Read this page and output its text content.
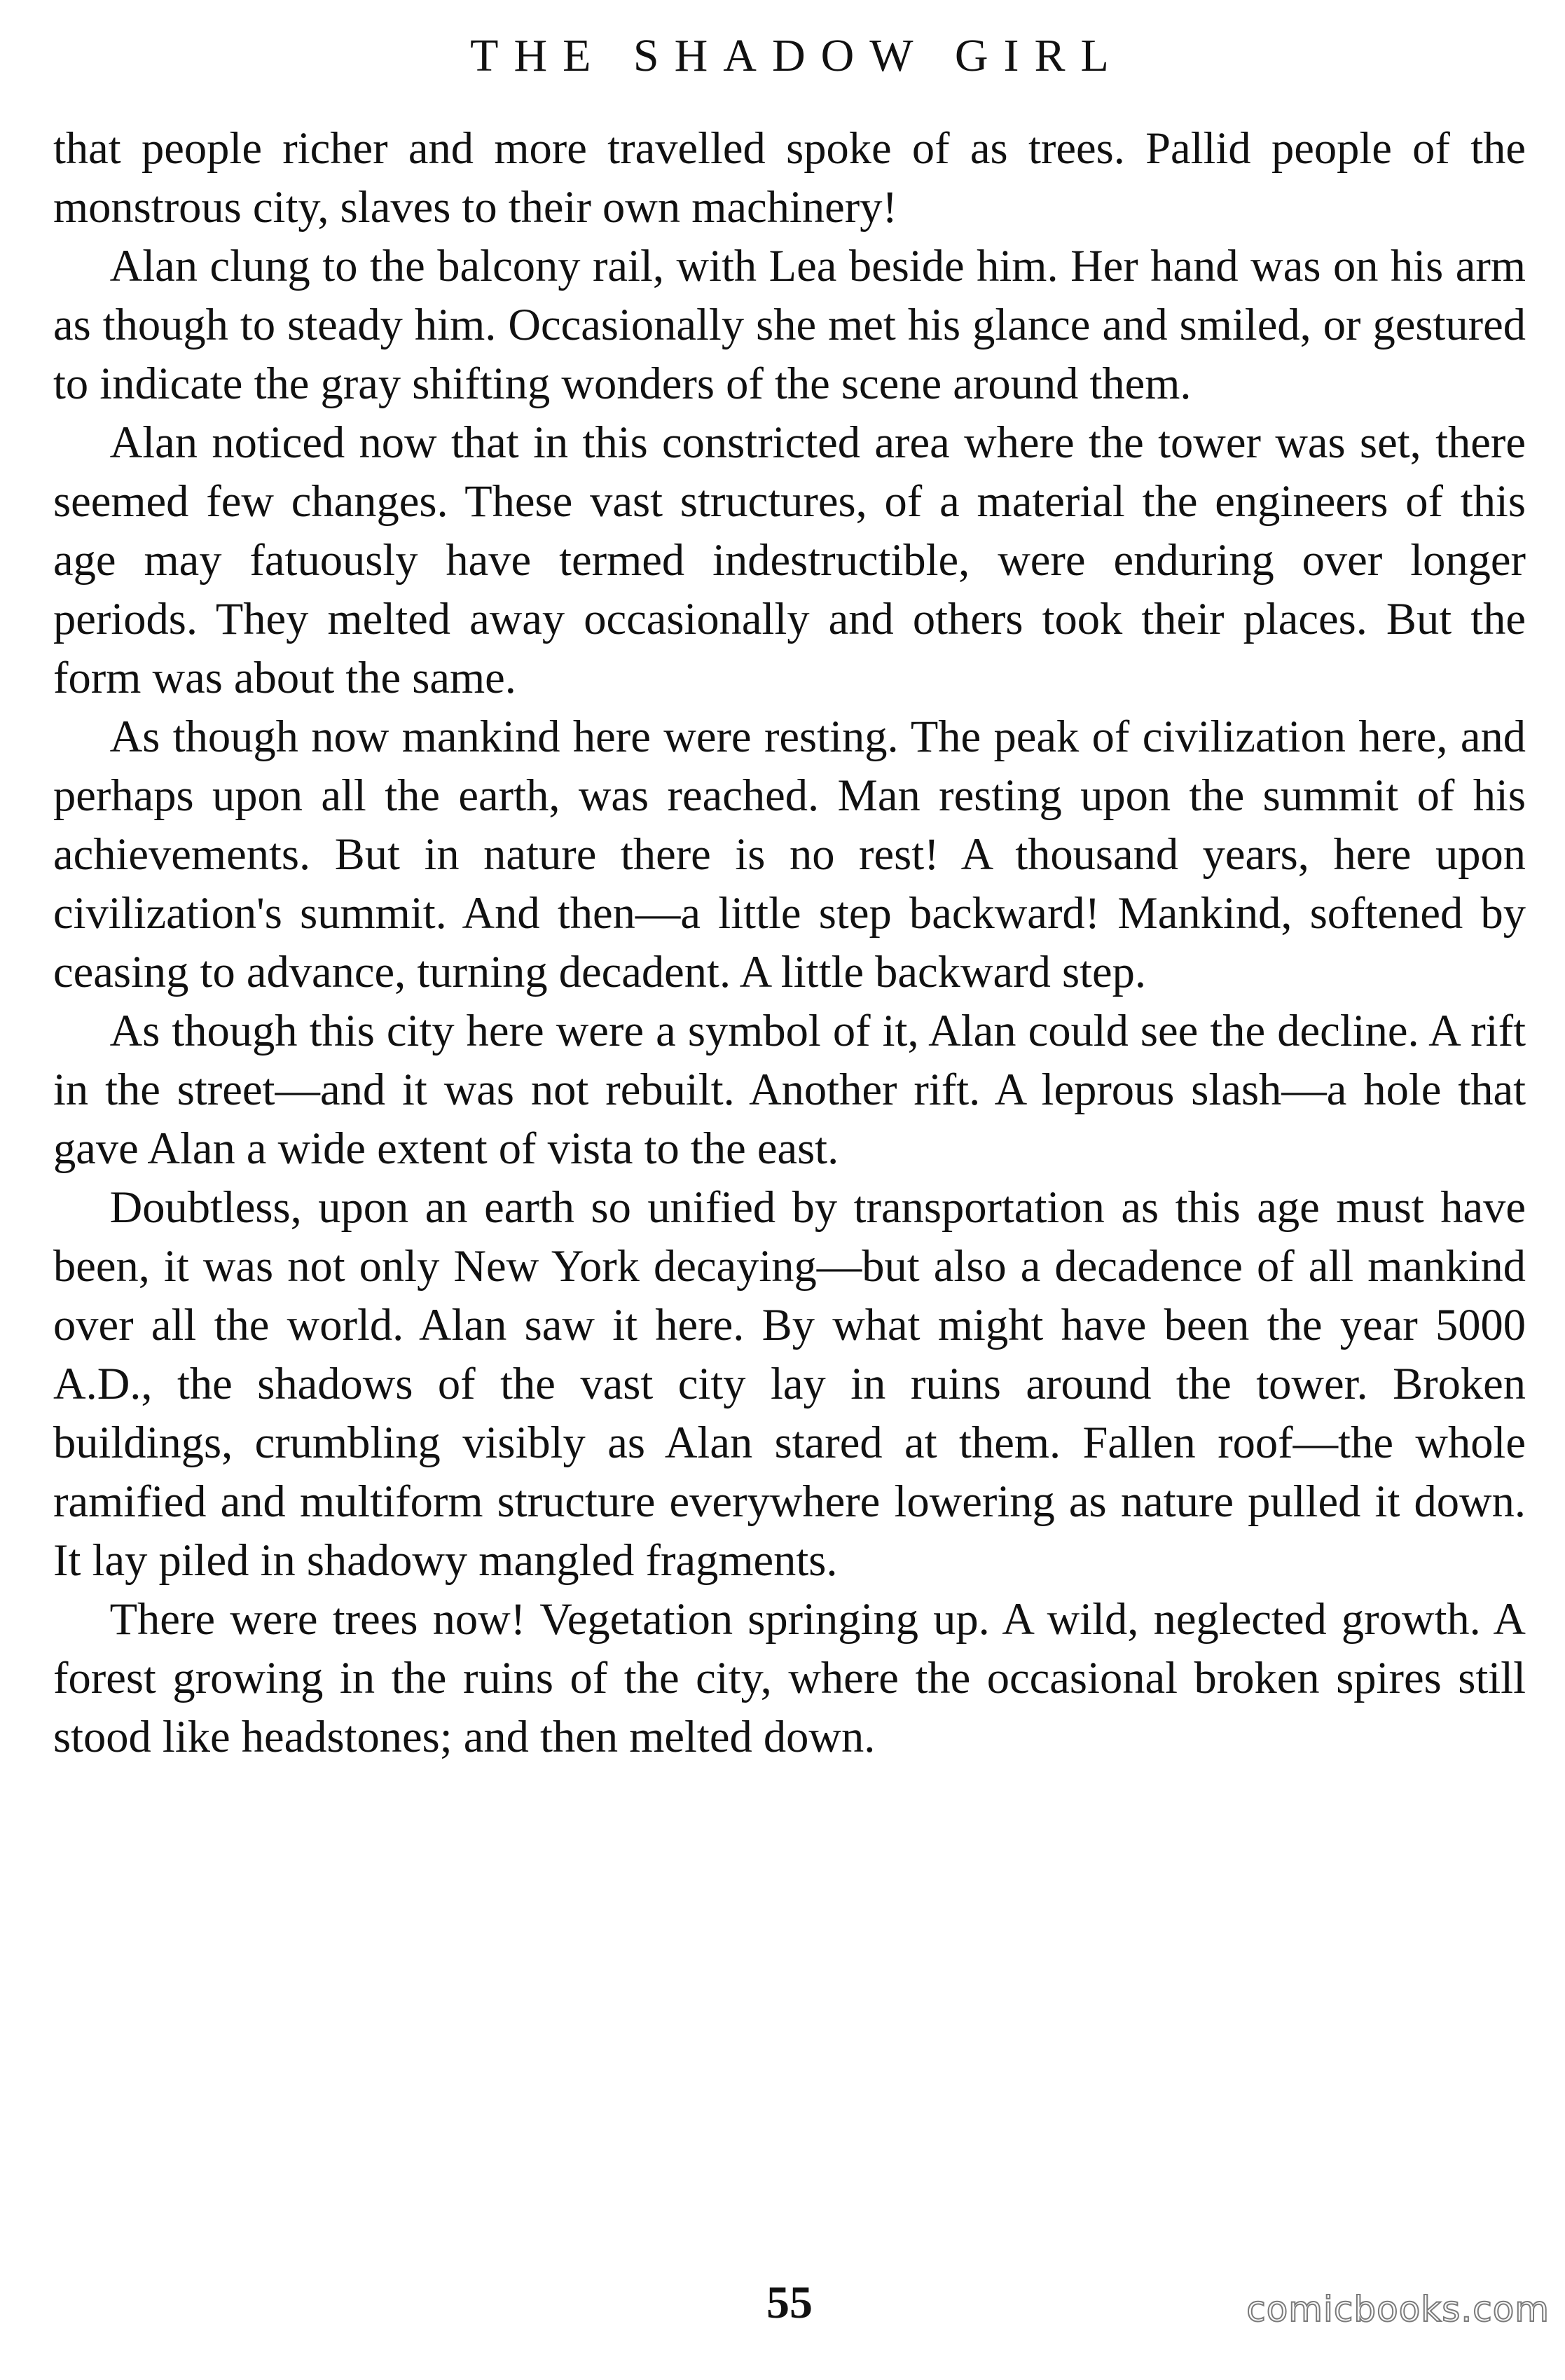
THE SHADOW GIRL

that people richer and more travelled spoke of as trees. Pallid people of the monstrous city, slaves to their own machinery!

Alan clung to the balcony rail, with Lea beside him. Her hand was on his arm as though to steady him. Occasionally she met his glance and smiled, or gestured to indicate the gray shifting wonders of the scene around them.

Alan noticed now that in this constricted area where the tower was set, there seemed few changes. These vast structures, of a material the engineers of this age may fatuously have termed indestructible, were enduring over longer periods. They melted away occasionally and others took their places. But the form was about the same.

As though now mankind here were resting. The peak of civilization here, and perhaps upon all the earth, was reached. Man resting upon the summit of his achievements. But in nature there is no rest! A thousand years, here upon civilization's summit. And then—a little step backward! Mankind, softened by ceasing to advance, turning decadent. A little backward step.

As though this city here were a symbol of it, Alan could see the decline. A rift in the street—and it was not rebuilt. Another rift. A leprous slash—a hole that gave Alan a wide extent of vista to the east.

Doubtless, upon an earth so unified by transportation as this age must have been, it was not only New York decaying—but also a decadence of all mankind over all the world. Alan saw it here. By what might have been the year 5000 A.D., the shadows of the vast city lay in ruins around the tower. Broken buildings, crumbling visibly as Alan stared at them. Fallen roof—the whole ramified and multiform structure everywhere lowering as nature pulled it down. It lay piled in shadowy mangled fragments.

There were trees now! Vegetation springing up. A wild, neglected growth. A forest growing in the ruins of the city, where the occasional broken spires still stood like headstones; and then melted down.

55	comicbooks.com
